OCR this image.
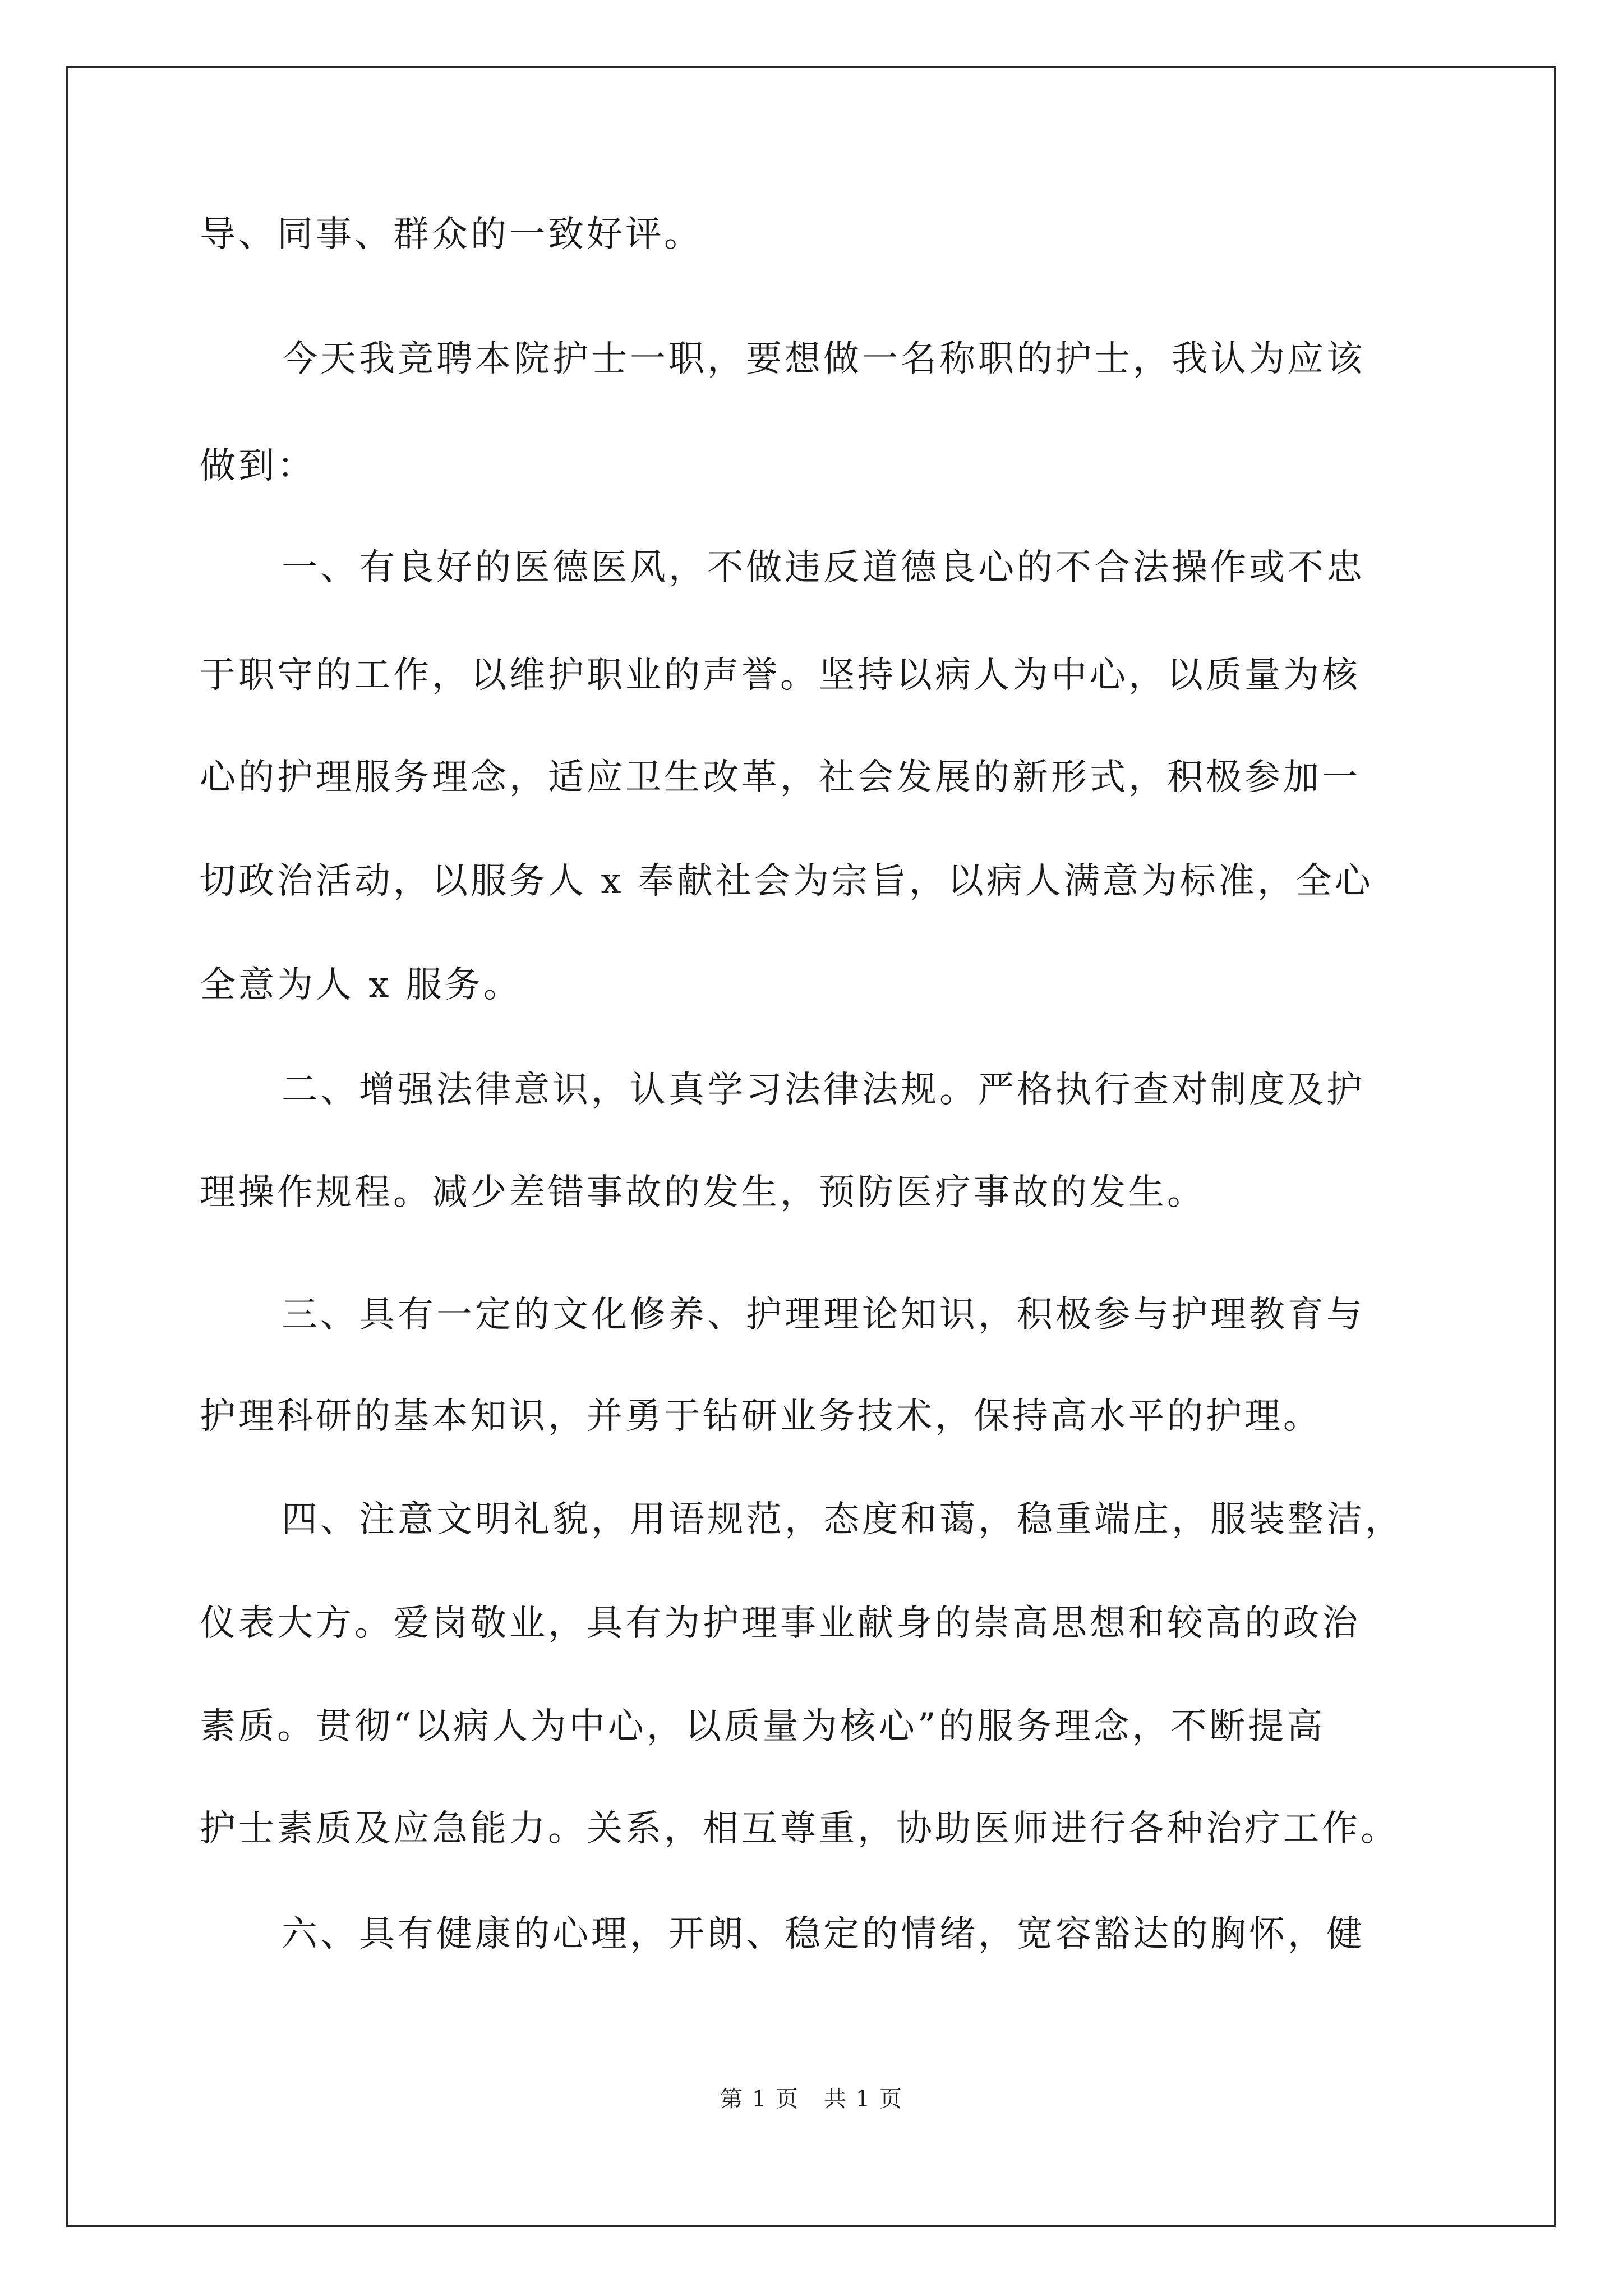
导、同事、群众的一致好评。
今天我竞聘本院护士一职，要想做一名称职的护士，我认为应该
做到：
一、有良好的医德医风，不做违反道德良心的不合法操作或不忠
于职守的工作，以维护职业的声誉。坚持以病人为中心，以质量为核
心的护理服务理念，适应卫生改革，社会发展的新形式，积极参加一
切政治活动，以服务人 x 奉献社会为宗旨，以病人满意为标准，全心
全意为人 x 服务。
二、增强法律意识，认真学习法律法规。严格执行查对制度及护
理操作规程。减少差错事故的发生，预防医疗事故的发生。
三、具有一定的文化修养、护理理论知识，积极参与护理教育与
护理科研的基本知识，并勇于钻研业务技术，保持高水平的护理。
四、注意文明礼貌，用语规范，态度和蔼，稳重端庄，服装整洁，
仪表大方。爱岗敬业，具有为护理事业献身的崇高思想和较高的政治
素质。贯彻“以病人为中心，以质量为核心”的服务理念，不断提高
护士素质及应急能力。关系，相互尊重，协助医师进行各种治疗工作。
六、具有健康的心理，开朗、稳定的情绪，宽容豁达的胸怀，健
第 1 页 共 1 页
